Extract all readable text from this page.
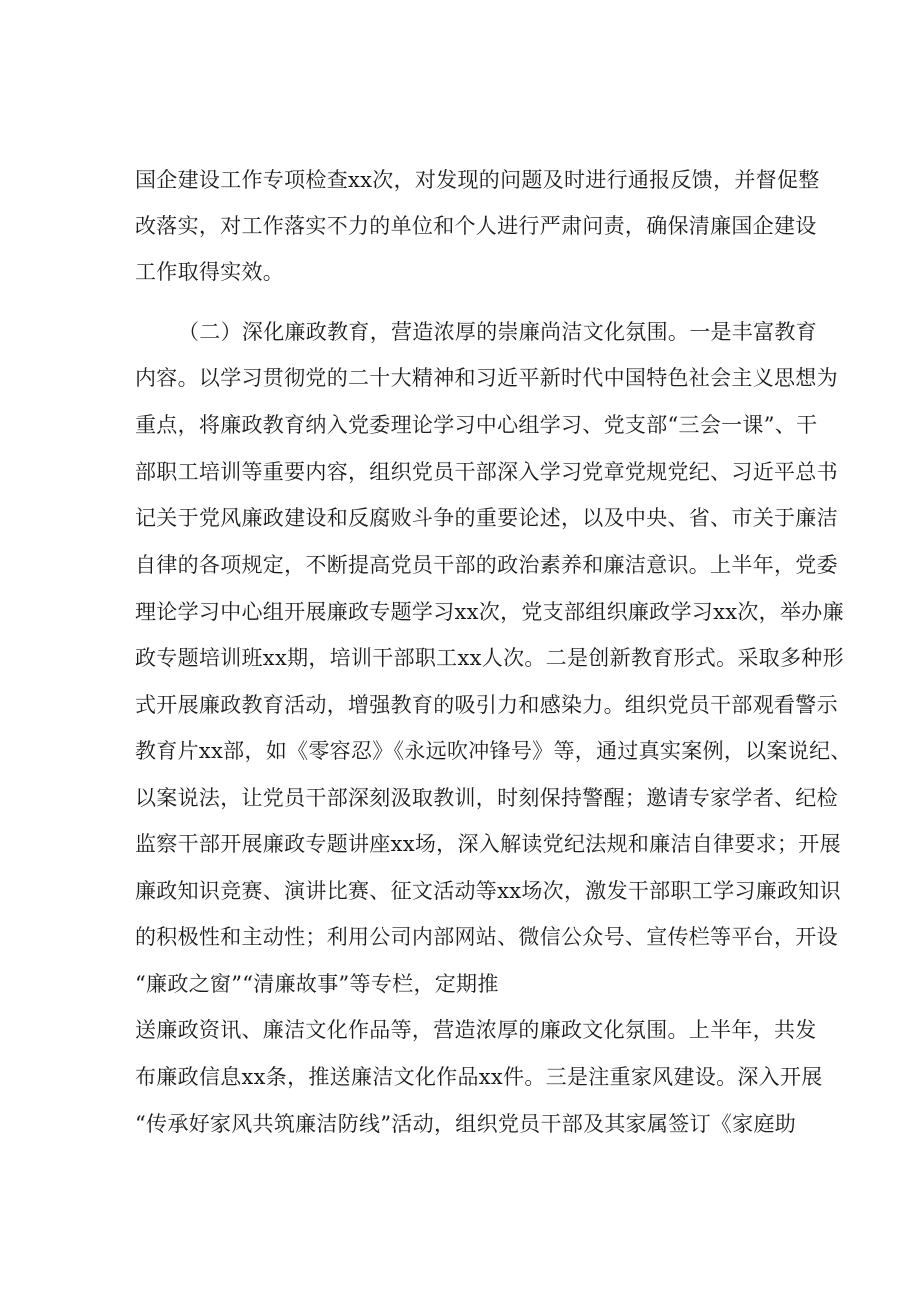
国企建设工作专项检查xx次，对发现的问题及时进行通报反馈，并督促整
改落实，对工作落实不力的单位和个人进行严肃问责，确保清廉国企建设
工作取得实效。
（二）深化廉政教育，营造浓厚的崇廉尚洁文化氛围。一是丰富教育
内容。以学习贯彻党的二十大精神和习近平新时代中国特色社会主义思想为
重点，将廉政教育纳入党委理论学习中心组学习、党支部“三会一课”、干
部职工培训等重要内容，组织党员干部深入学习党章党规党纪、习近平总书
记关于党风廉政建设和反腐败斗争的重要论述，以及中央、省、市关于廉洁
自律的各项规定，不断提高党员干部的政治素养和廉洁意识。上半年，党委
理论学习中心组开展廉政专题学习xx次，党支部组织廉政学习xx次，举办廉
政专题培训班xx期，培训干部职工xx人次。二是创新教育形式。采取多种形
式开展廉政教育活动，增强教育的吸引力和感染力。组织党员干部观看警示
教育片xx部，如《零容忍》《永远吹冲锋号》等，通过真实案例，以案说纪、
以案说法，让党员干部深刻汲取教训，时刻保持警醒；邀请专家学者、纪检
监察干部开展廉政专题讲座xx场，深入解读党纪法规和廉洁自律要求；开展
廉政知识竞赛、演讲比赛、征文活动等xx场次，激发干部职工学习廉政知识
的积极性和主动性；利用公司内部网站、微信公众号、宣传栏等平台，开设
“廉政之窗”“清廉故事”等专栏，定期推
送廉政资讯、廉洁文化作品等，营造浓厚的廉政文化氛围。上半年，共发
布廉政信息xx条，推送廉洁文化作品xx件。三是注重家风建设。深入开展
“传承好家风共筑廉洁防线”活动，组织党员干部及其家属签订《家庭助
